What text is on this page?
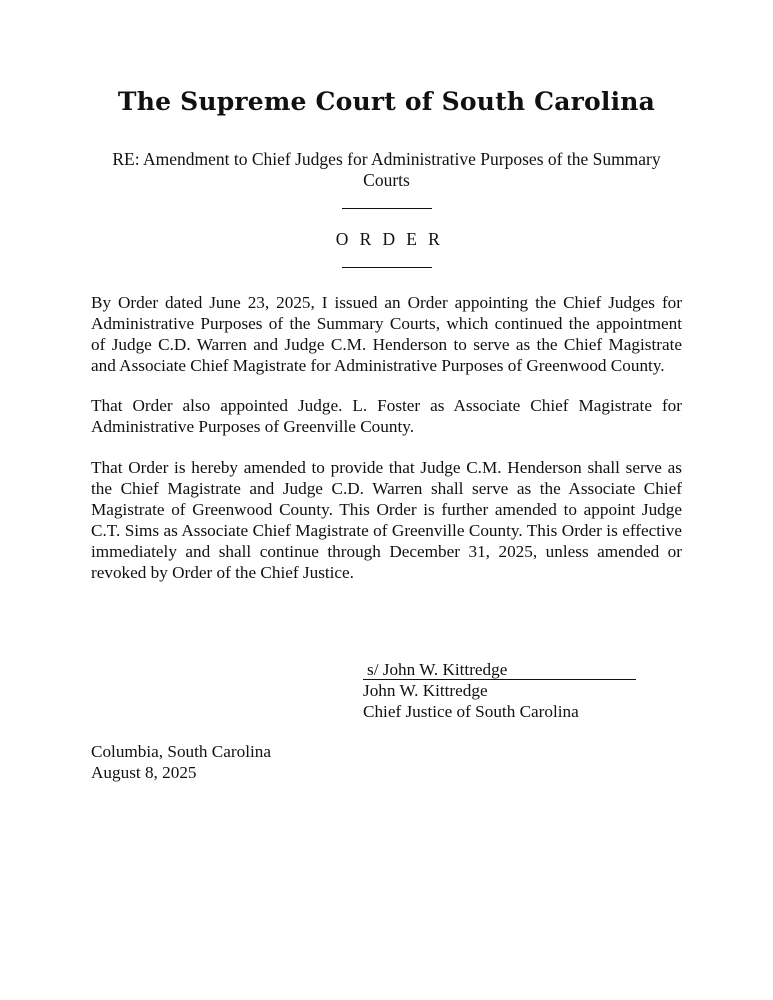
The Supreme Court of South Carolina
RE: Amendment to Chief Judges for Administrative Purposes of the Summary Courts
O R D E R

By Order dated June 23, 2025, I issued an Order appointing the Chief Judges for Administrative Purposes of the Summary Courts, which continued the appointment of Judge C.D. Warren and Judge C.M. Henderson to serve as the Chief Magistrate and Associate Chief Magistrate for Administrative Purposes of Greenwood County.

That Order also appointed Judge. L. Foster as Associate Chief Magistrate for Administrative Purposes of Greenville County.

That Order is hereby amended to provide that Judge C.M. Henderson shall serve as the Chief Magistrate and Judge C.D. Warren shall serve as the Associate Chief Magistrate of Greenwood County. This Order is further amended to appoint Judge C.T. Sims as Associate Chief Magistrate of Greenville County. This Order is effective immediately and shall continue through December 31, 2025, unless amended or revoked by Order of the Chief Justice.

s/ John W. Kittredge
John W. Kittredge
Chief Justice of South Carolina
Columbia, South Carolina
August 8, 2025
